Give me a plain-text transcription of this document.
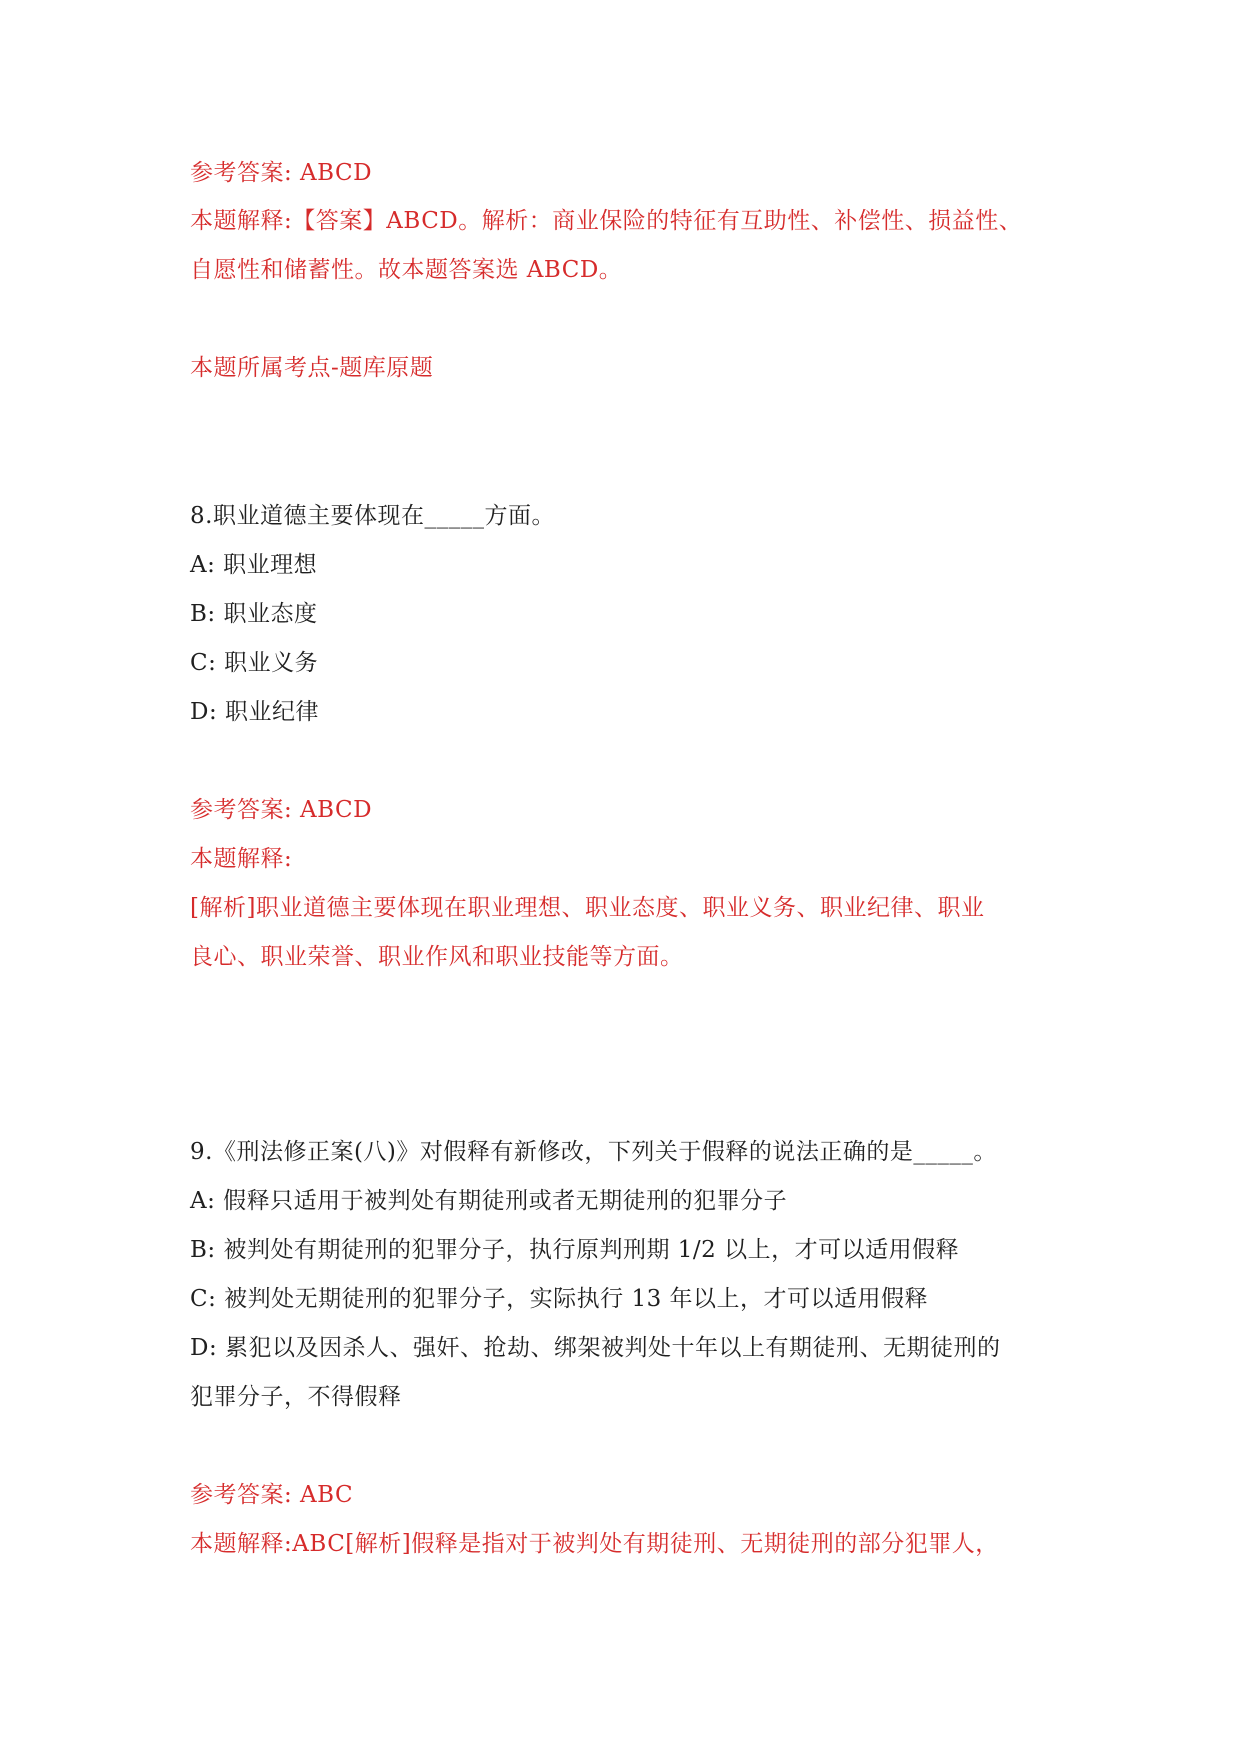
参考答案: ABCD
本题解释:【答案】ABCD。解析：商业保险的特征有互助性、补偿性、损益性、
自愿性和储蓄性。故本题答案选 ABCD。
本题所属考点-题库原题
8.职业道德主要体现在_____方面。
A: 职业理想
B: 职业态度
C: 职业义务
D: 职业纪律
参考答案: ABCD
本题解释:
[解析]职业道德主要体现在职业理想、职业态度、职业义务、职业纪律、职业
良心、职业荣誉、职业作风和职业技能等方面。
9.《刑法修正案(八)》对假释有新修改，下列关于假释的说法正确的是_____。
A: 假释只适用于被判处有期徒刑或者无期徒刑的犯罪分子
B: 被判处有期徒刑的犯罪分子，执行原判刑期 1/2 以上，才可以适用假释
C: 被判处无期徒刑的犯罪分子，实际执行 13 年以上，才可以适用假释
D: 累犯以及因杀人、强奸、抢劫、绑架被判处十年以上有期徒刑、无期徒刑的
犯罪分子，不得假释
参考答案: ABC
本题解释:ABC[解析]假释是指对于被判处有期徒刑、无期徒刑的部分犯罪人，
